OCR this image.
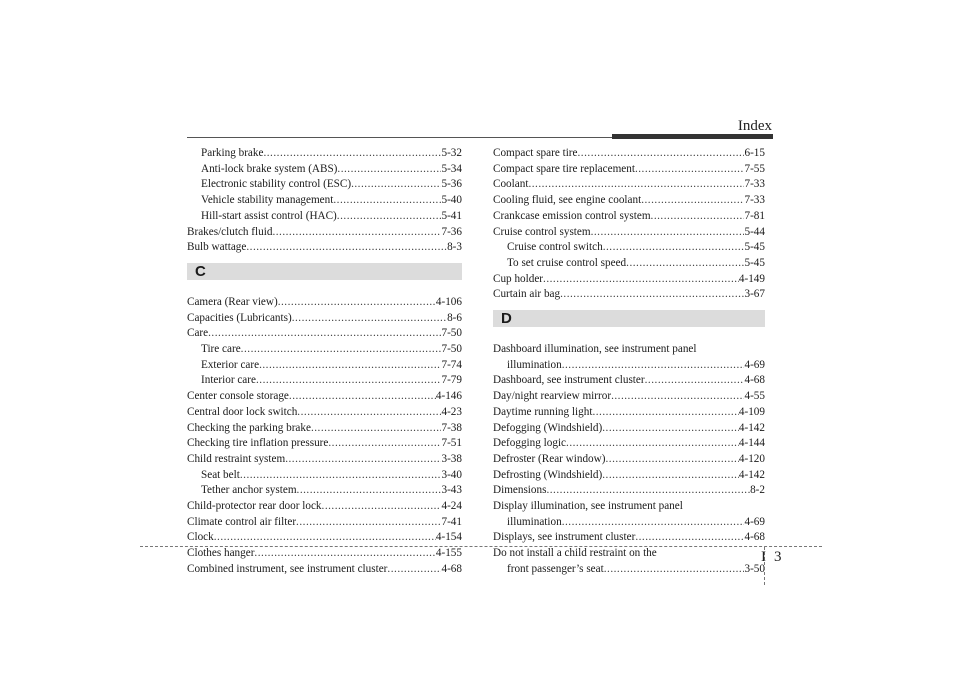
Index
Parking brake .....	5-32
Anti-lock brake system (ABS) .....	5-34
Electronic stability control (ESC) .....	5-36
Vehicle stability management .....	5-40
Hill-start assist control (HAC) .....	5-41
Brakes/clutch fluid .....	7-36
Bulb wattage .....	8-3
C
Camera (Rear view) .....	4-106
Capacities (Lubricants) .....	8-6
Care .....	7-50
Tire care .....	7-50
Exterior care .....	7-74
Interior care .....	7-79
Center console storage .....	4-146
Central door lock switch .....	4-23
Checking the parking brake .....	7-38
Checking tire inflation pressure .....	7-51
Child restraint system .....	3-38
Seat belt .....	3-40
Tether anchor system .....	3-43
Child-protector rear door lock .....	4-24
Climate control air filter .....	7-41
Clock .....	4-154
Clothes hanger .....	4-155
Combined instrument, see instrument cluster .....	4-68
Compact spare tire .....	6-15
Compact spare tire replacement .....	7-55
Coolant .....	7-33
Cooling fluid, see engine coolant .....	7-33
Crankcase emission control system .....	7-81
Cruise control system .....	5-44
Cruise control switch .....	5-45
To set cruise control speed .....	5-45
Cup holder .....	4-149
Curtain air bag .....	3-67
D
Dashboard illumination, see instrument panel
illumination .....	4-69
Dashboard, see instrument cluster .....	4-68
Day/night rearview mirror .....	4-55
Daytime running light .....	4-109
Defogging (Windshield) .....	4-142
Defogging logic .....	4-144
Defroster (Rear window) .....	4-120
Defrosting (Windshield) .....	4-142
Dimensions .....	8-2
Display illumination, see instrument panel
illumination .....	4-69
Displays, see instrument cluster .....	4-68
Do not install a child restraint on the
front passenger’s seat .....	3-50
I 3
